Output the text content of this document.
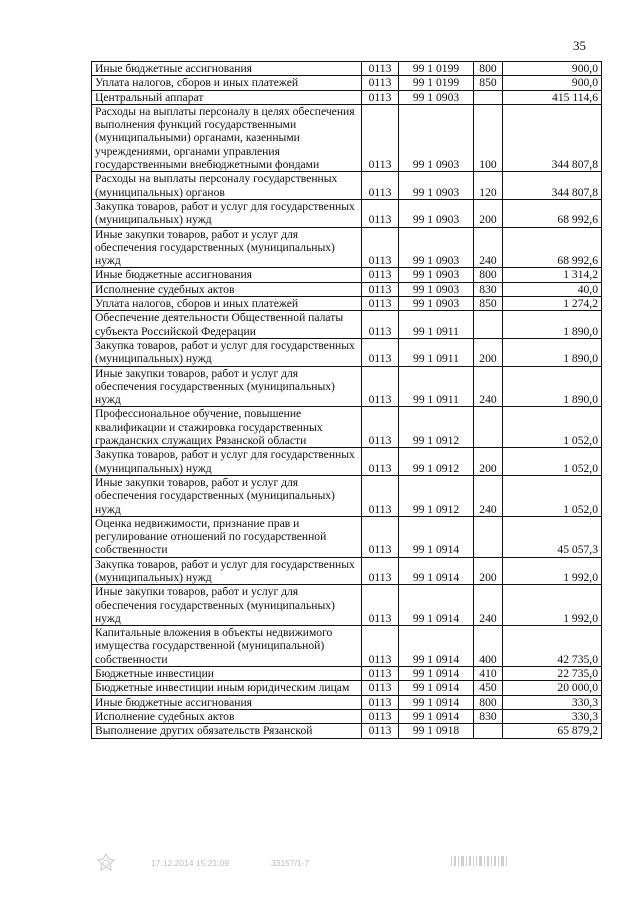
35
Иные бюджетные ассигнования	0113	99 1 0199	800	900,0
Уплата налогов, сборов и иных платежей	0113	99 1 0199	850	900,0
Центральный аппарат	0113	99 1 0903		415 114,6
Расходы на выплаты персоналу в целях обеспечения выполнения функций государственными (муниципальными) органами, казенными учреждениями, органами управления государственными внебюджетными фондами	0113	99 1 0903	100	344 807,8
Расходы на выплаты персоналу государственных (муниципальных) органов	0113	99 1 0903	120	344 807,8
Закупка товаров, работ и услуг для государственных (муниципальных) нужд	0113	99 1 0903	200	68 992,6
Иные закупки товаров, работ и услуг для обеспечения государственных (муниципальных) нужд	0113	99 1 0903	240	68 992,6
Иные бюджетные ассигнования	0113	99 1 0903	800	1 314,2
Исполнение судебных актов	0113	99 1 0903	830	40,0
Уплата налогов, сборов и иных платежей	0113	99 1 0903	850	1 274,2
Обеспечение деятельности Общественной палаты субъекта Российской Федерации	0113	99 1 0911		1 890,0
Закупка товаров, работ и услуг для государственных (муниципальных) нужд	0113	99 1 0911	200	1 890,0
Иные закупки товаров, работ и услуг для обеспечения государственных (муниципальных) нужд	0113	99 1 0911	240	1 890,0
Профессиональное обучение, повышение квалификации и стажировка государственных гражданских служащих Рязанской области	0113	99 1 0912		1 052,0
Закупка товаров, работ и услуг для государственных (муниципальных) нужд	0113	99 1 0912	200	1 052,0
Иные закупки товаров, работ и услуг для обеспечения государственных (муниципальных) нужд	0113	99 1 0912	240	1 052,0
Оценка недвижимости, признание прав и регулирование отношений по государственной собственности	0113	99 1 0914		45 057,3
Закупка товаров, работ и услуг для государственных (муниципальных) нужд	0113	99 1 0914	200	1 992,0
Иные закупки товаров, работ и услуг для обеспечения государственных (муниципальных) нужд	0113	99 1 0914	240	1 992,0
Капитальные вложения в объекты недвижимого имущества государственной (муниципальной) собственности	0113	99 1 0914	400	42 735,0
Бюджетные инвестиции	0113	99 1 0914	410	22 735,0
Бюджетные инвестиции иным юридическим лицам	0113	99 1 0914	450	20 000,0
Иные бюджетные ассигнования	0113	99 1 0914	800	330,3
Исполнение судебных актов	0113	99 1 0914	830	330,3
Выполнение других обязательств Рязанской	0113	99 1 0918		65 879,2
17.12.2014 15:21:09	33157/1-7
